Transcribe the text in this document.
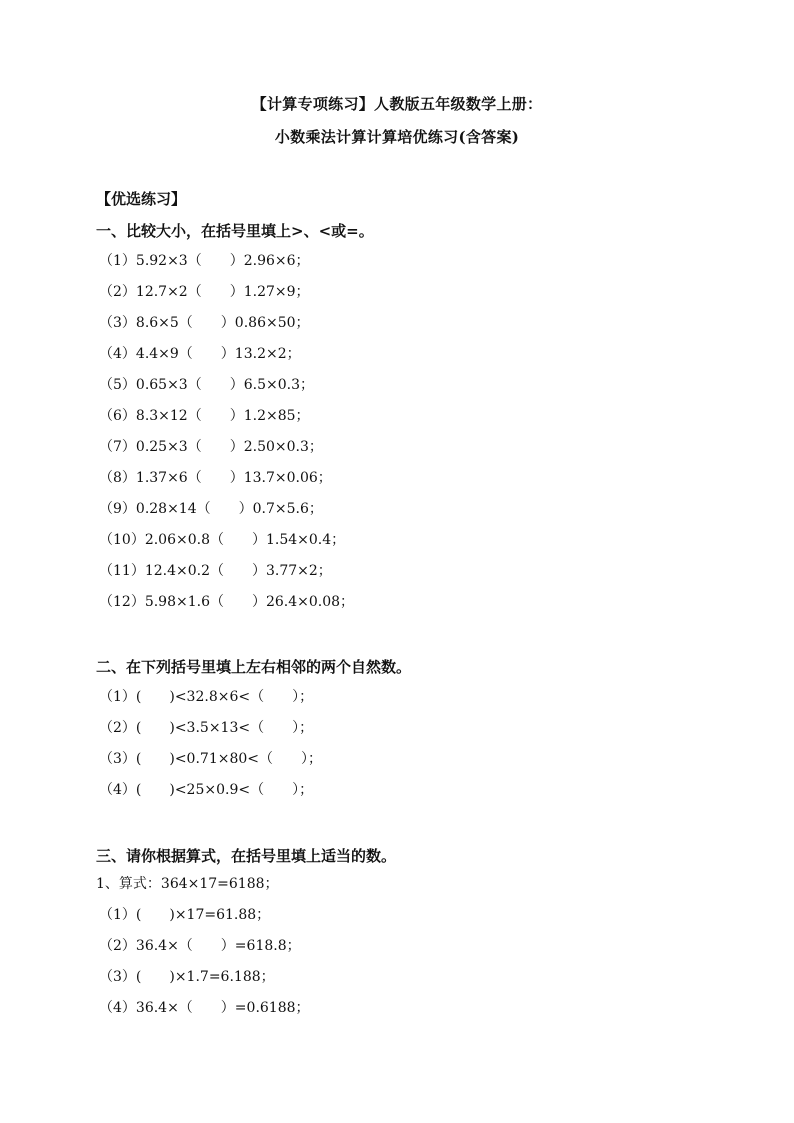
【计算专项练习】人教版五年级数学上册：
小数乘法计算计算培优练习(含答案)
【优选练习】
一、比较大小，在括号里填上>、<或=。
（1）5.92×3（　　）2.96×6；
（2）12.7×2（　　）1.27×9；
（3）8.6×5（　　）0.86×50；
（4）4.4×9（　　）13.2×2；
（5）0.65×3（　　）6.5×0.3；
（6）8.3×12（　　）1.2×85；
（7）0.25×3（　　）2.50×0.3；
（8）1.37×6（　　）13.7×0.06；
（9）0.28×14（　　）0.7×5.6；
（10）2.06×0.8（　　）1.54×0.4；
（11）12.4×0.2（　　）3.77×2；
（12）5.98×1.6（　　）26.4×0.08；
二、在下列括号里填上左右相邻的两个自然数。
（1）(　　)<32.8×6<（　　）；
（2）(　　)<3.5×13<（　　）；
（3）(　　)<0.71×80<（　　）；
（4）(　　)<25×0.9<（　　）；
三、请你根据算式，在括号里填上适当的数。
1、算式：364×17=6188；
（1）(　　)×17=61.88；
（2）36.4×（　　）=618.8；
（3）(　　)×1.7=6.188；
（4）36.4×（　　）=0.6188；
